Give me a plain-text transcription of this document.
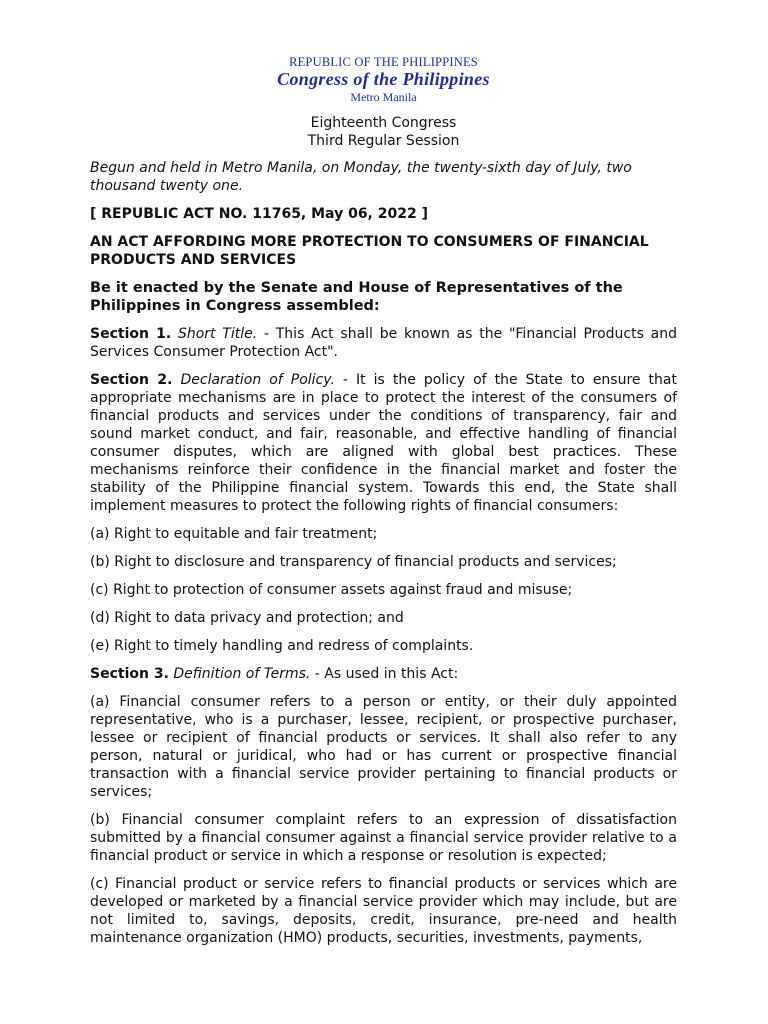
REPUBLIC OF THE PHILIPPINES
Congress of the Philippines
Metro Manila
Eighteenth Congress
Third Regular Session

Begun and held in Metro Manila, on Monday, the twenty-sixth day of July, two thousand twenty one.

[ REPUBLIC ACT NO. 11765, May 06, 2022 ]

AN ACT AFFORDING MORE PROTECTION TO CONSUMERS OF FINANCIAL PRODUCTS AND SERVICES

Be it enacted by the Senate and House of Representatives of the Philippines in Congress assembled:

Section 1. Short Title. - This Act shall be known as the "Financial Products and Services Consumer Protection Act".

Section 2. Declaration of Policy. - It is the policy of the State to ensure that appropriate mechanisms are in place to protect the interest of the consumers of financial products and services under the conditions of transparency, fair and sound market conduct, and fair, reasonable, and effective handling of financial consumer disputes, which are aligned with global best practices. These mechanisms reinforce their confidence in the financial market and foster the stability of the Philippine financial system. Towards this end, the State shall implement measures to protect the following rights of financial consumers:

(a) Right to equitable and fair treatment;

(b) Right to disclosure and transparency of financial products and services;

(c) Right to protection of consumer assets against fraud and misuse;

(d) Right to data privacy and protection; and

(e) Right to timely handling and redress of complaints.

Section 3. Definition of Terms. - As used in this Act:

(a) Financial consumer refers to a person or entity, or their duly appointed representative, who is a purchaser, lessee, recipient, or prospective purchaser, lessee or recipient of financial products or services. It shall also refer to any person, natural or juridical, who had or has current or prospective financial transaction with a financial service provider pertaining to financial products or services;

(b) Financial consumer complaint refers to an expression of dissatisfaction submitted by a financial consumer against a financial service provider relative to a financial product or service in which a response or resolution is expected;

(c) Financial product or service refers to financial products or services which are developed or marketed by a financial service provider which may include, but are not limited to, savings, deposits, credit, insurance, pre-need and health maintenance organization (HMO) products, securities, investments, payments,
